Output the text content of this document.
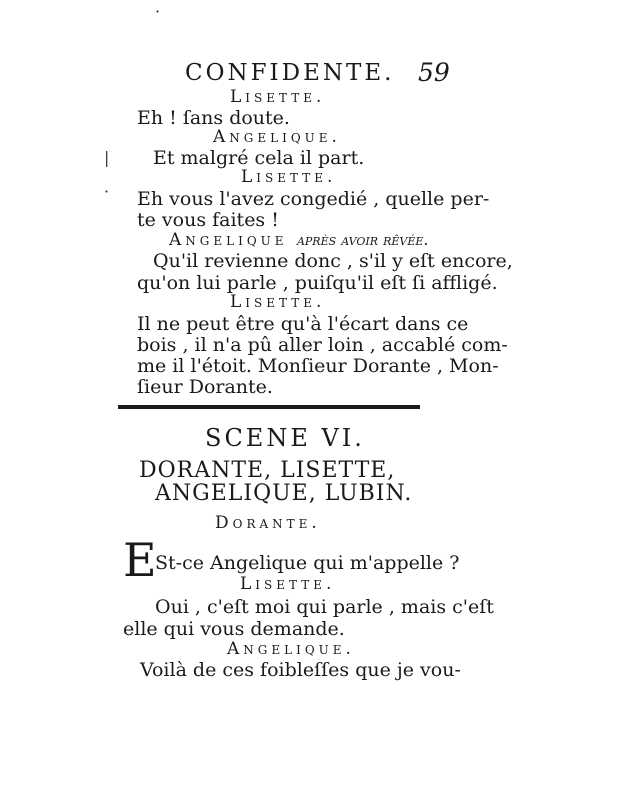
·
|
·
CONFIDENTE. 59
Lisette.
Eh ! ſans doute.
Angelique.
Et malgré cela il part.
Lisette.
Eh vous l'avez congedié , quelle per-
te vous faites !
Angelique après avoir rêvée.
Qu'il revienne donc , s'il y eſt encore,
qu'on lui parle , puiſqu'il eſt ſi affligé.
Lisette.
Il ne peut être qu'à l'écart dans ce
bois , il n'a pû aller loin , accablé com-
me il l'étoit. Monſieur Dorante , Mon-
ſieur Dorante.
SCENE VI.
DORANTE, LISETTE,
ANGELIQUE, LUBIN.
Dorante.
E
St-ce Angelique qui m'appelle ?
Lisette.
Oui , c'eſt moi qui parle , mais c'eſt
elle qui vous demande.
Angelique.
Voilà de ces foibleſſes que je vou-
